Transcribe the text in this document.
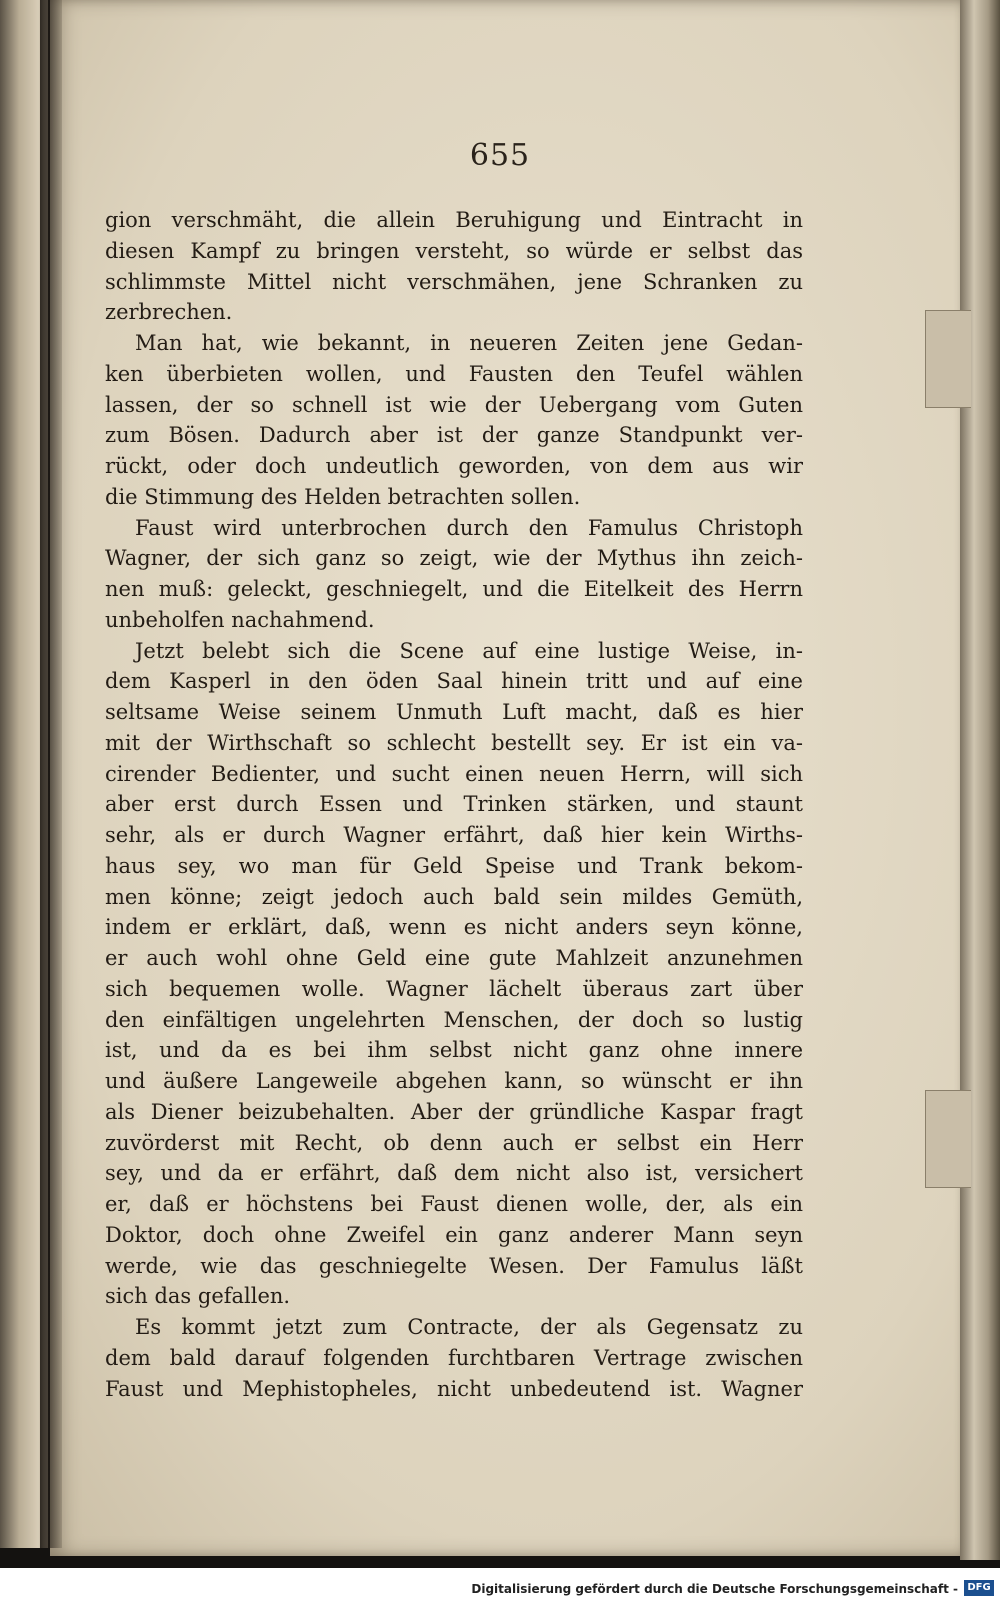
655
gion verschmäht, die allein Beruhigung und Eintracht in
diesen Kampf zu bringen versteht, so würde er selbst das
schlimmste Mittel nicht verschmähen, jene Schranken zu
zerbrechen.
Man hat, wie bekannt, in neueren Zeiten jene Gedan-
ken überbieten wollen, und Fausten den Teufel wählen
lassen, der so schnell ist wie der Uebergang vom Guten
zum Bösen. Dadurch aber ist der ganze Standpunkt ver-
rückt, oder doch undeutlich geworden, von dem aus wir
die Stimmung des Helden betrachten sollen.
Faust wird unterbrochen durch den Famulus Christoph
Wagner, der sich ganz so zeigt, wie der Mythus ihn zeich-
nen muß: geleckt, geschniegelt, und die Eitelkeit des Herrn
unbeholfen nachahmend.
Jetzt belebt sich die Scene auf eine lustige Weise, in-
dem Kasperl in den öden Saal hinein tritt und auf eine
seltsame Weise seinem Unmuth Luft macht, daß es hier
mit der Wirthschaft so schlecht bestellt sey. Er ist ein va-
cirender Bedienter, und sucht einen neuen Herrn, will sich
aber erst durch Essen und Trinken stärken, und staunt
sehr, als er durch Wagner erfährt, daß hier kein Wirths-
haus sey, wo man für Geld Speise und Trank bekom-
men könne; zeigt jedoch auch bald sein mildes Gemüth,
indem er erklärt, daß, wenn es nicht anders seyn könne,
er auch wohl ohne Geld eine gute Mahlzeit anzunehmen
sich bequemen wolle. Wagner lächelt überaus zart über
den einfältigen ungelehrten Menschen, der doch so lustig
ist, und da es bei ihm selbst nicht ganz ohne innere
und äußere Langeweile abgehen kann, so wünscht er ihn
als Diener beizubehalten. Aber der gründliche Kaspar fragt
zuvörderst mit Recht, ob denn auch er selbst ein Herr
sey, und da er erfährt, daß dem nicht also ist, versichert
er, daß er höchstens bei Faust dienen wolle, der, als ein
Doktor, doch ohne Zweifel ein ganz anderer Mann seyn
werde, wie das geschniegelte Wesen. Der Famulus läßt
sich das gefallen.
Es kommt jetzt zum Contracte, der als Gegensatz zu
dem bald darauf folgenden furchtbaren Vertrage zwischen
Faust und Mephistopheles, nicht unbedeutend ist. Wagner
Digitalisierung gefördert durch die Deutsche Forschungsgemeinschaft - DFG
